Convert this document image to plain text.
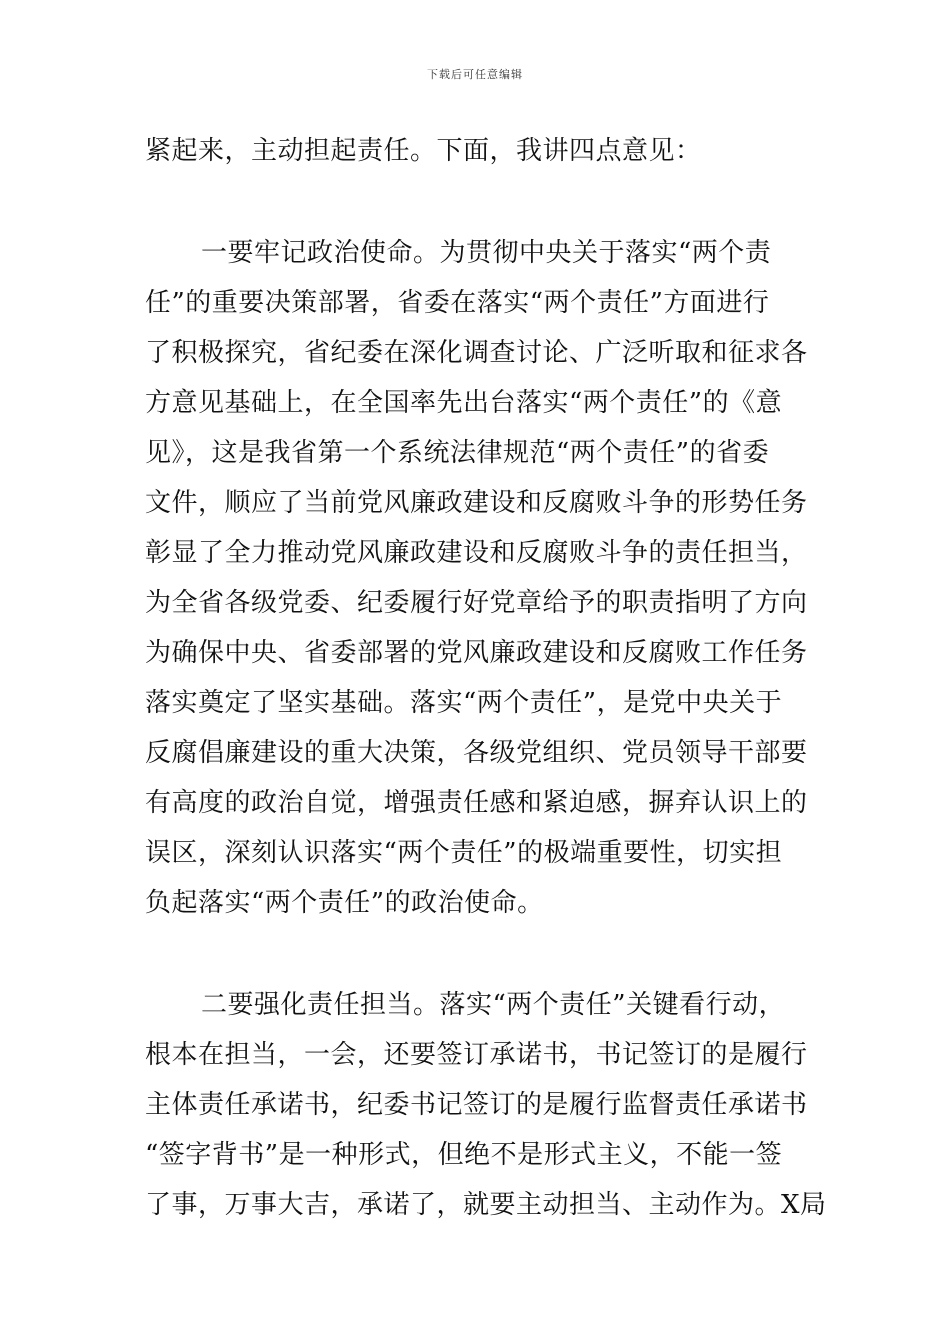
下载后可任意编辑
紧起来，主动担起责任。下面，我讲四点意见：
一要牢记政治使命。为贯彻中央关于落实“两个责
任”的重要决策部署，省委在落实“两个责任”方面进行
了积极探究，省纪委在深化调查讨论、广泛听取和征求各
方意见基础上，在全国率先出台落实“两个责任”的《意
见》，这是我省第一个系统法律规范“两个责任”的省委
文件，顺应了当前党风廉政建设和反腐败斗争的形势任务
彰显了全力推动党风廉政建设和反腐败斗争的责任担当，
为全省各级党委、纪委履行好党章给予的职责指明了方向
为确保中央、省委部署的党风廉政建设和反腐败工作任务
落实奠定了坚实基础。落实“两个责任”，是党中央关于
反腐倡廉建设的重大决策，各级党组织、党员领导干部要
有高度的政治自觉，增强责任感和紧迫感，摒弃认识上的
误区，深刻认识落实“两个责任”的极端重要性，切实担
负起落实“两个责任”的政治使命。
二要强化责任担当。落实“两个责任”关键看行动，
根本在担当，一会，还要签订承诺书，书记签订的是履行
主体责任承诺书，纪委书记签订的是履行监督责任承诺书
“签字背书”是一种形式，但绝不是形式主义，不能一签
了事，万事大吉，承诺了，就要主动担当、主动作为。X局
